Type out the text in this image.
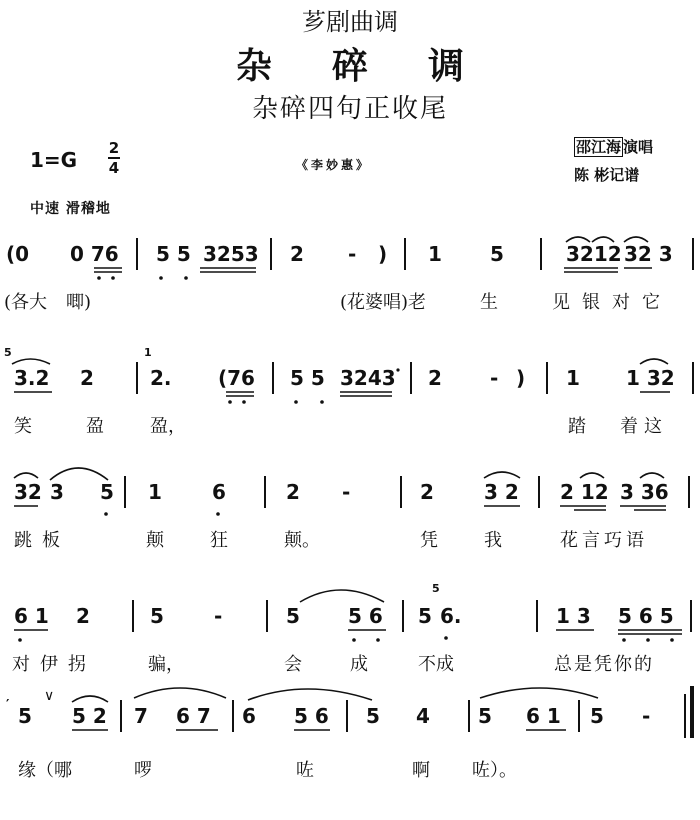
芗剧曲调
杂碎调
杂碎四句正收尾
1=G 2
4	《李妙惠》
邵江海 演唱
陈 彬记谱
中速 滑稽地
(0 0 76 5 5 3253 2 - ) 1 5	3212 32 3
(各大 唧)	(花婆唱)老	生	见银对它
5
3.2 2
1
2. (76 5 5 3243 2 - ) 1 1 32
笑	盈	盈，	踏 着这
32 3 5 1	6	2 -	2	3 2 2 12 3 36
跳板	颠	狂	颠。	凭	我	花言巧语
6 1 2	5	-	5 5 6 5
5
6.	1 3 5 6 5
对伊拐	骗，	会	成	不成	总是凭你的
′ 5
∨
5 2 7 6 7 6 5 6 5 4 5 6 1 5 -
缘（哪	啰	咗	啊 咗）。
